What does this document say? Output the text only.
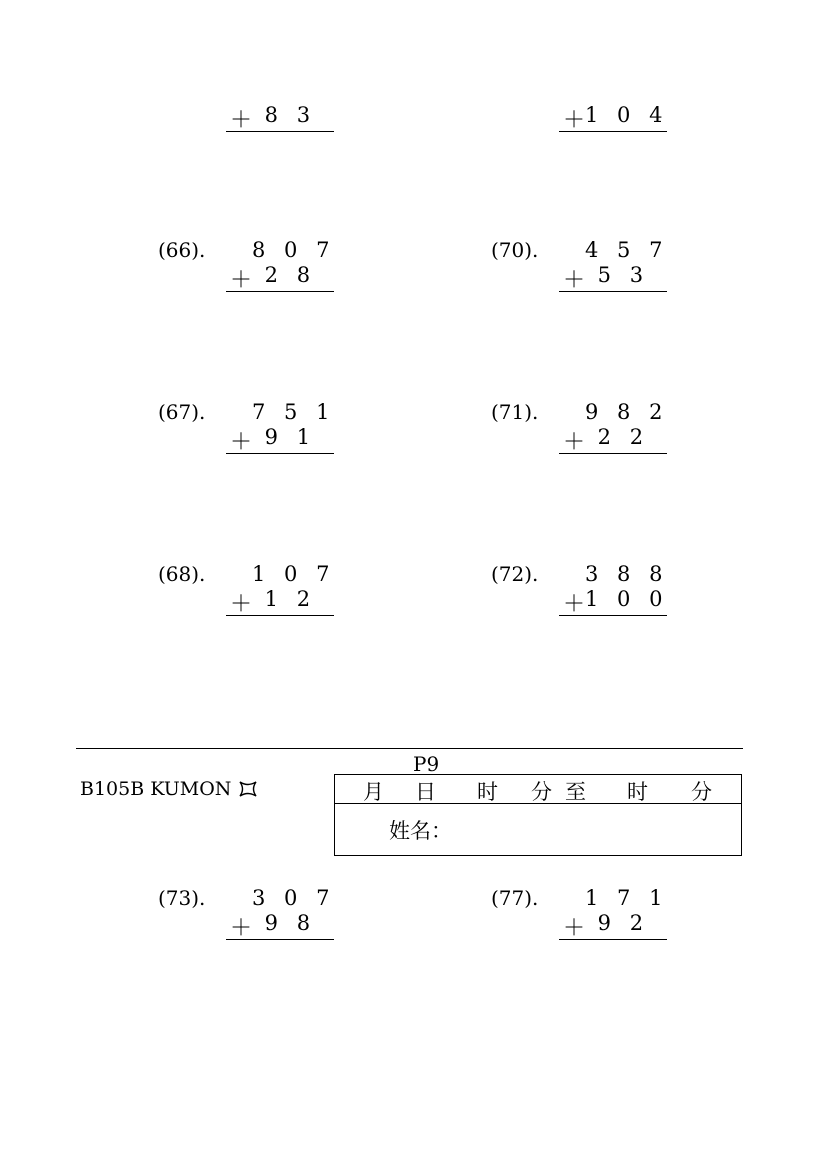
＋ 8 3	＋ 1 0 4
(66). 8 0 7
＋ 2 8
(70). 4 5 7
＋ 5 3
(67). 7 5 1
＋ 9 1
(71). 9 8 2
＋ 2 2
(68). 1 0 7
＋ 1 2
(72). 3 8 8
＋ 1 0 0
P9
B105B KUMON	月 日 时 分 至 时 分
姓名：
(73). 3 0 7
＋ 9 8
(77). 1 7 1
＋ 9 2
